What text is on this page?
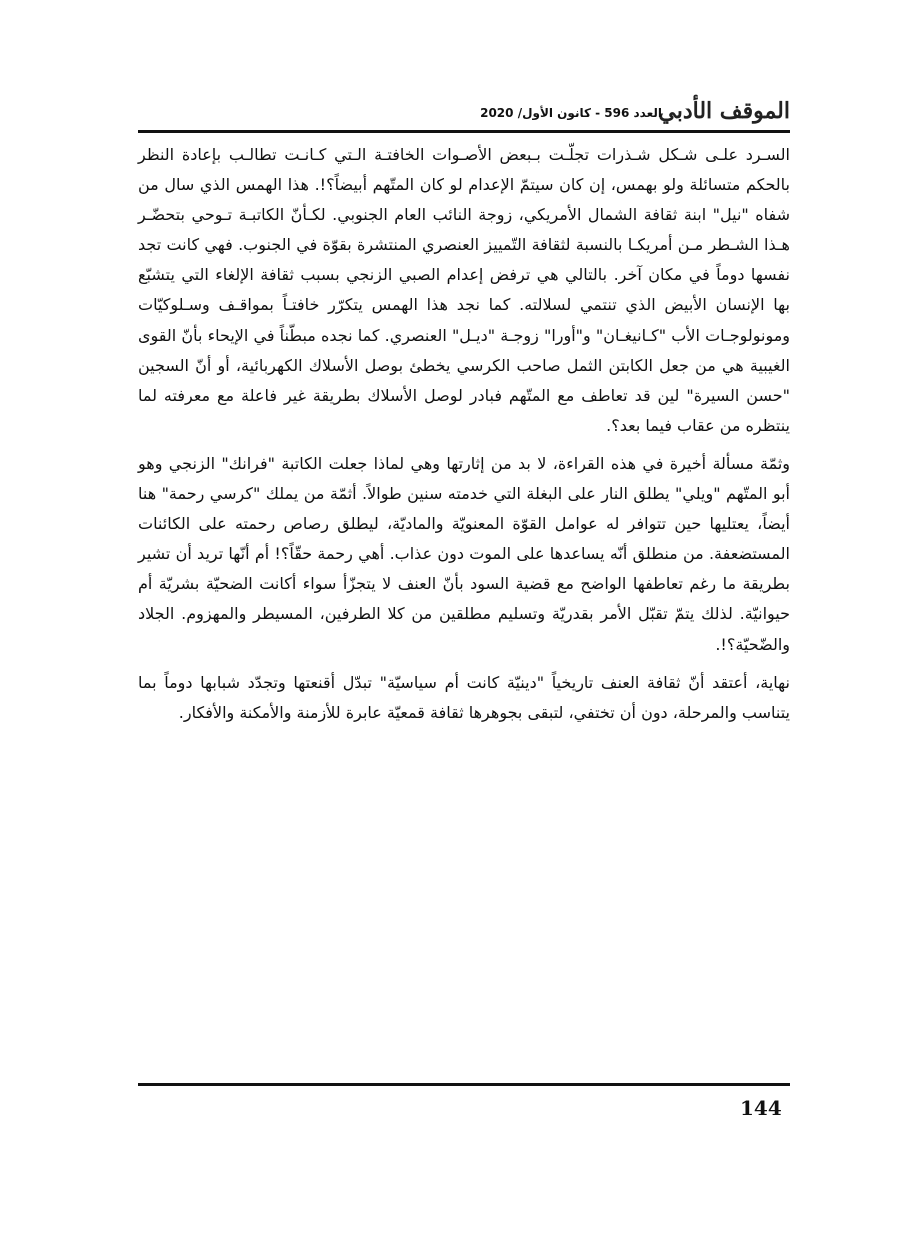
الموقف الأدبي
العدد 596 - كانون الأول/ 2020

السـرد علـى شـكل شـذرات تجلّـت بـبعض الأصـوات الخافتـة الـتي كـانـت تطالـب بإعادة النظر بالحكم متسائلة ولو بهمس، إن كان سيتمّ الإعدام لو كان المتّهم أبيضاً؟!. هذا الهمس الذي سال من شفاه "نيل" ابنة ثقافة الشمال الأمريكي، زوجة النائب العام الجنوبي. لكـأنّ الكاتبـة تـوحي بتحضّـر هـذا الشـطر مـن أمريكـا بالنسبة لثقافة التّمييز العنصري المنتشرة بقوّة في الجنوب. فهي كانت تجد نفسها دوماً في مكان آخر. بالتالي هي ترفض إعدام الصبي الزنجي بسبب ثقافة الإلغاء التي يتشبّع بها الإنسان الأبيض الذي تنتمي لسلالته. كما نجد هذا الهمس يتكرّر خافتـاً بمواقـف وسـلوكيّات ومونولوجـات الأب "كـانيغـان" و"أورا" زوجـة "ديـل" العنصري. كما نجده مبطّناً في الإيحاء بأنّ القوى الغيبية هي من جعل الكابتن الثمل صاحب الكرسي يخطئ بوصل الأسلاك الكهربائية، أو أنّ السجين "حسن السيرة" لين قد تعاطف مع المتّهم فبادر لوصل الأسلاك بطريقة غير فاعلة مع معرفته لما ينتظره من عقاب فيما بعد؟.

وثمّة مسألة أخيرة في هذه القراءة، لا بد من إثارتها وهي لماذا جعلت الكاتبة "فرانك" الزنجي وهو أبو المتّهم "ويلي" يطلق النار على البغلة التي خدمته سنين طوالاً. أثمّة من يملك "كرسي رحمة" هنا أيضاً، يعتليها حين تتوافر له عوامل القوّة المعنويّة والماديّة، ليطلق رصاص رحمته على الكائنات المستضعفة. من منطلق أنّه يساعدها على الموت دون عذاب. أهي رحمة حقّاً؟! أم أنّها تريد أن تشير بطريقة ما رغم تعاطفها الواضح مع قضية السود بأنّ العنف لا يتجزّأ سواء أكانت الضحيّة بشريّة أم حيوانيّة. لذلك يتمّ تقبّل الأمر بقدريّة وتسليم مطلقين من كلا الطرفين، المسيطر والمهزوم. الجلاد والضّحيّة؟!.

نهاية، أعتقد أنّ ثقافة العنف تاريخياً "دينيّة كانت أم سياسيّة" تبدّل أقنعتها وتجدّد شبابها دوماً بما يتناسب والمرحلة، دون أن تختفي، لتبقى بجوهرها ثقافة قمعيّة عابرة للأزمنة والأمكنة والأفكار.

144
